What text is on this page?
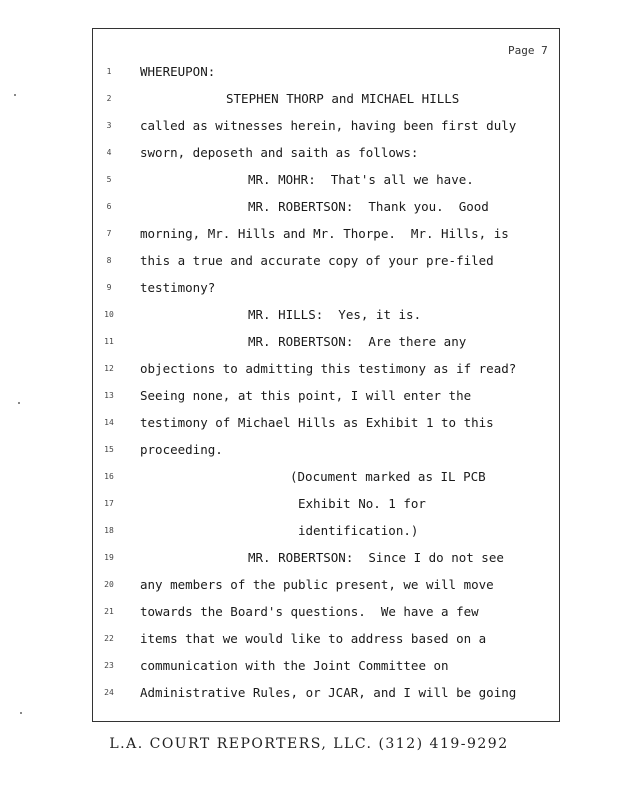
Page 7
1	WHEREUPON:
2	STEPHEN THORP and MICHAEL HILLS
3	called as witnesses herein, having been first duly
4	sworn, deposeth and saith as follows:
5	MR. MOHR:  That's all we have.
6	MR. ROBERTSON:  Thank you.  Good
7	morning, Mr. Hills and Mr. Thorpe.  Mr. Hills, is
8	this a true and accurate copy of your pre-filed
9	testimony?
10	MR. HILLS:  Yes, it is.
11	MR. ROBERTSON:  Are there any
12	objections to admitting this testimony as if read?
13	Seeing none, at this point, I will enter the
14	testimony of Michael Hills as Exhibit 1 to this
15	proceeding.
16	(Document marked as IL PCB
17	Exhibit No. 1 for
18	identification.)
19	MR. ROBERTSON:  Since I do not see
20	any members of the public present, we will move
21	towards the Board's questions.  We have a few
22	items that we would like to address based on a
23	communication with the Joint Committee on
24	Administrative Rules, or JCAR, and I will be going
L.A. COURT REPORTERS, LLC. (312) 419-9292
